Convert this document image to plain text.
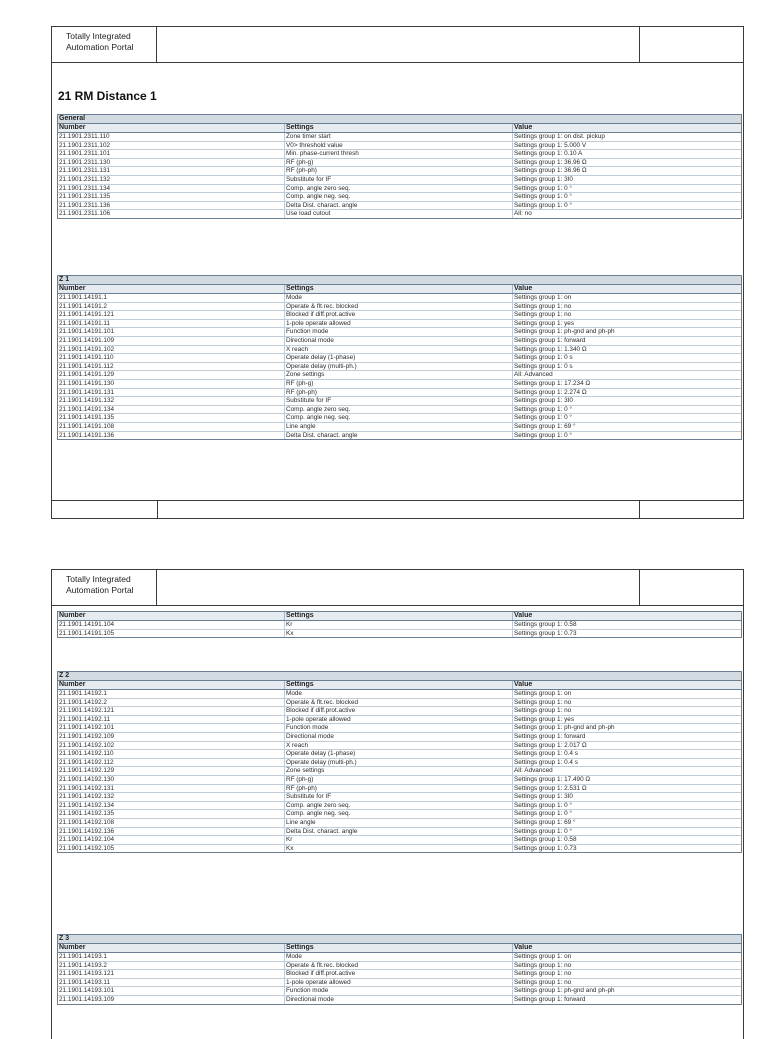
Totally Integrated
Automation Portal
21 RM Distance 1
General
Number	Settings	Value
21.1901.2311.110	Zone timer start	Settings group 1: on dist. pickup
21.1901.2311.102	V0> threshold value	Settings group 1: 5.000 V
21.1901.2311.101	Min. phase-current thresh	Settings group 1: 0.10 A
21.1901.2311.130	RF (ph-g)	Settings group 1: 36.96 Ω
21.1901.2311.131	RF (ph-ph)	Settings group 1: 36.96 Ω
21.1901.2311.132	Substitute for IF	Settings group 1: 3I0
21.1901.2311.134	Comp. angle zero seq.	Settings group 1: 0 °
21.1901.2311.135	Comp. angle neg. seq.	Settings group 1: 0 °
21.1901.2311.136	Delta Dist. charact. angle	Settings group 1: 0 °
21.1901.2311.106	Use load cutout	All: no
Z 1
Number	Settings	Value
21.1901.14191.1	Mode	Settings group 1: on
21.1901.14191.2	Operate & flt.rec. blocked	Settings group 1: no
21.1901.14191.121	Blocked if diff.prot.active	Settings group 1: no
21.1901.14191.11	1-pole operate allowed	Settings group 1: yes
21.1901.14191.101	Function mode	Settings group 1: ph-gnd and ph-ph
21.1901.14191.109	Directional mode	Settings group 1: forward
21.1901.14191.102	X reach	Settings group 1: 1.340 Ω
21.1901.14191.110	Operate delay (1-phase)	Settings group 1: 0 s
21.1901.14191.112	Operate delay (multi-ph.)	Settings group 1: 0 s
21.1901.14191.129	Zone settings	All: Advanced
21.1901.14191.130	RF (ph-g)	Settings group 1: 17.234 Ω
21.1901.14191.131	RF (ph-ph)	Settings group 1: 2.274 Ω
21.1901.14191.132	Substitute for IF	Settings group 1: 3I0
21.1901.14191.134	Comp. angle zero seq.	Settings group 1: 0 °
21.1901.14191.135	Comp. angle neg. seq.	Settings group 1: 0 °
21.1901.14191.108	Line angle	Settings group 1: 69 °
21.1901.14191.136	Delta Dist. charact. angle	Settings group 1: 0 °
Totally Integrated
Automation Portal
Number	Settings	Value
21.1901.14191.104	Kr	Settings group 1: 0.58
21.1901.14191.105	Kx	Settings group 1: 0.73
Z 2
Number	Settings	Value
21.1901.14192.1	Mode	Settings group 1: on
21.1901.14192.2	Operate & flt.rec. blocked	Settings group 1: no
21.1901.14192.121	Blocked if diff.prot.active	Settings group 1: no
21.1901.14192.11	1-pole operate allowed	Settings group 1: yes
21.1901.14192.101	Function mode	Settings group 1: ph-gnd and ph-ph
21.1901.14192.109	Directional mode	Settings group 1: forward
21.1901.14192.102	X reach	Settings group 1: 2.017 Ω
21.1901.14192.110	Operate delay (1-phase)	Settings group 1: 0.4 s
21.1901.14192.112	Operate delay (multi-ph.)	Settings group 1: 0.4 s
21.1901.14192.129	Zone settings	All: Advanced
21.1901.14192.130	RF (ph-g)	Settings group 1: 17.490 Ω
21.1901.14192.131	RF (ph-ph)	Settings group 1: 2.531 Ω
21.1901.14192.132	Substitute for IF	Settings group 1: 3I0
21.1901.14192.134	Comp. angle zero seq.	Settings group 1: 0 °
21.1901.14192.135	Comp. angle neg. seq.	Settings group 1: 0 °
21.1901.14192.108	Line angle	Settings group 1: 69 °
21.1901.14192.136	Delta Dist. charact. angle	Settings group 1: 0 °
21.1901.14192.104	Kr	Settings group 1: 0.58
21.1901.14192.105	Kx	Settings group 1: 0.73
Z 3
Number	Settings	Value
21.1901.14193.1	Mode	Settings group 1: on
21.1901.14193.2	Operate & flt.rec. blocked	Settings group 1: no
21.1901.14193.121	Blocked if diff.prot.active	Settings group 1: no
21.1901.14193.11	1-pole operate allowed	Settings group 1: no
21.1901.14193.101	Function mode	Settings group 1: ph-gnd and ph-ph
21.1901.14193.109	Directional mode	Settings group 1: forward
